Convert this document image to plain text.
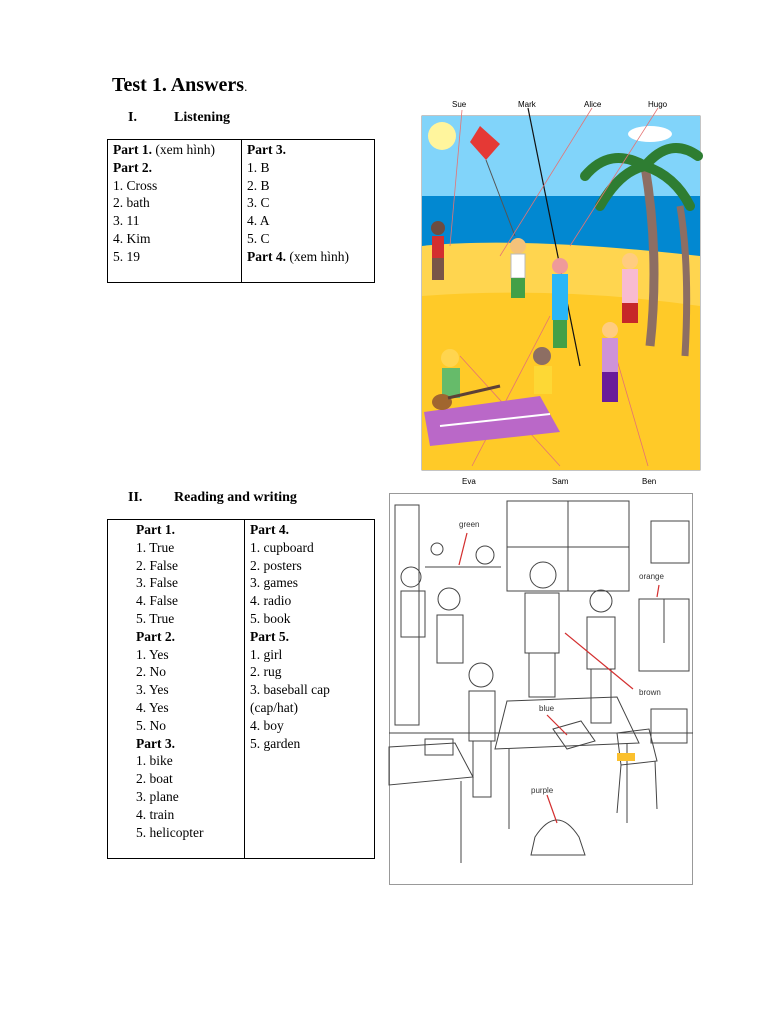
Test 1. Answers.
I.	Listening
Part 1. (xem hình)
Part 2.
1. Cross
2. bath
3. 11
4. Kim
5. 19

Part 3.
1. B
2. B
3. C
4. A
5. C
Part 4. (xem hình)
Sue	Mark	Alice	Hugo
Eva	Sam	Ben
II. Reading and writing
Part 1.
1. True
2. False
3. False
4. False
5. True
Part 2.
1. Yes
2. No
3. Yes
4. Yes
5. No
Part 3.
1. bike
2. boat
3. plane
4. train
5. helicopter

Part 4.
1. cupboard
2. posters
3. games
4. radio
5. book
Part 5.
1. girl
2. rug
3. baseball cap
(cap/hat)
4. boy
5. garden
green
orange
brown
blue
purple
